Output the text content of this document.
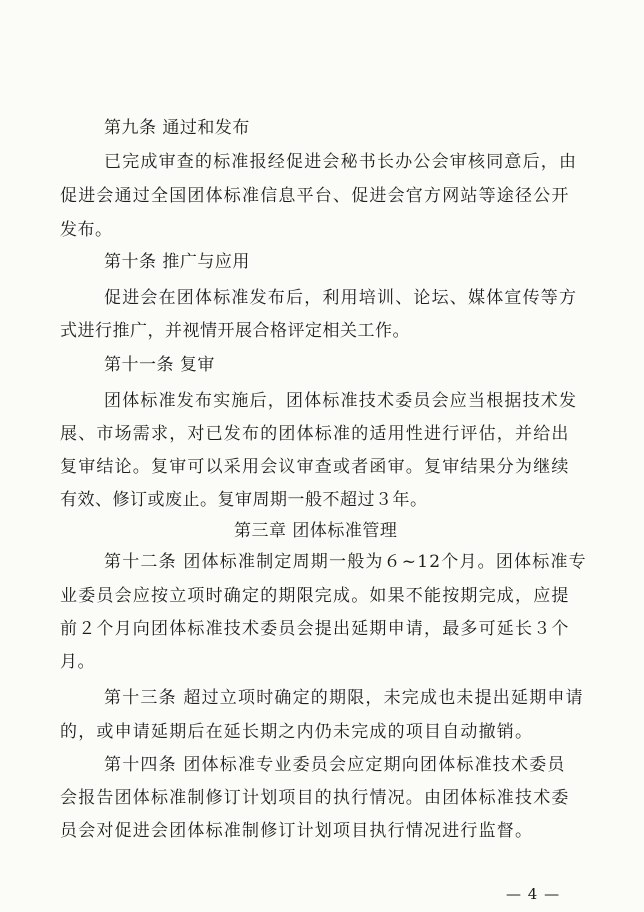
第九条 通过和发布
已完成审查的标准报经促进会秘书长办公会审核同意后，由
促进会通过全国团体标准信息平台、促进会官方网站等途径公开
发布。
第十条 推广与应用
促进会在团体标准发布后，利用培训、论坛、媒体宣传等方
式进行推广，并视情开展合格评定相关工作。
第十一条 复审
团体标准发布实施后，团体标准技术委员会应当根据技术发
展、市场需求，对已发布的团体标准的适用性进行评估，并给出
复审结论。复审可以采用会议审查或者函审。复审结果分为继续
有效、修订或废止。复审周期一般不超过３年。
第三章 团体标准管理
第十二条 团体标准制定周期一般为６~12个月。团体标准专
业委员会应按立项时确定的期限完成。如果不能按期完成，应提
前２个月向团体标准技术委员会提出延期申请，最多可延长３个
月。
第十三条 超过立项时确定的期限，未完成也未提出延期申请
的，或申请延期后在延长期之内仍未完成的项目自动撤销。
第十四条 团体标准专业委员会应定期向团体标准技术委员
会报告团体标准制修订计划项目的执行情况。由团体标准技术委
员会对促进会团体标准制修订计划项目执行情况进行监督。
— 4 —
